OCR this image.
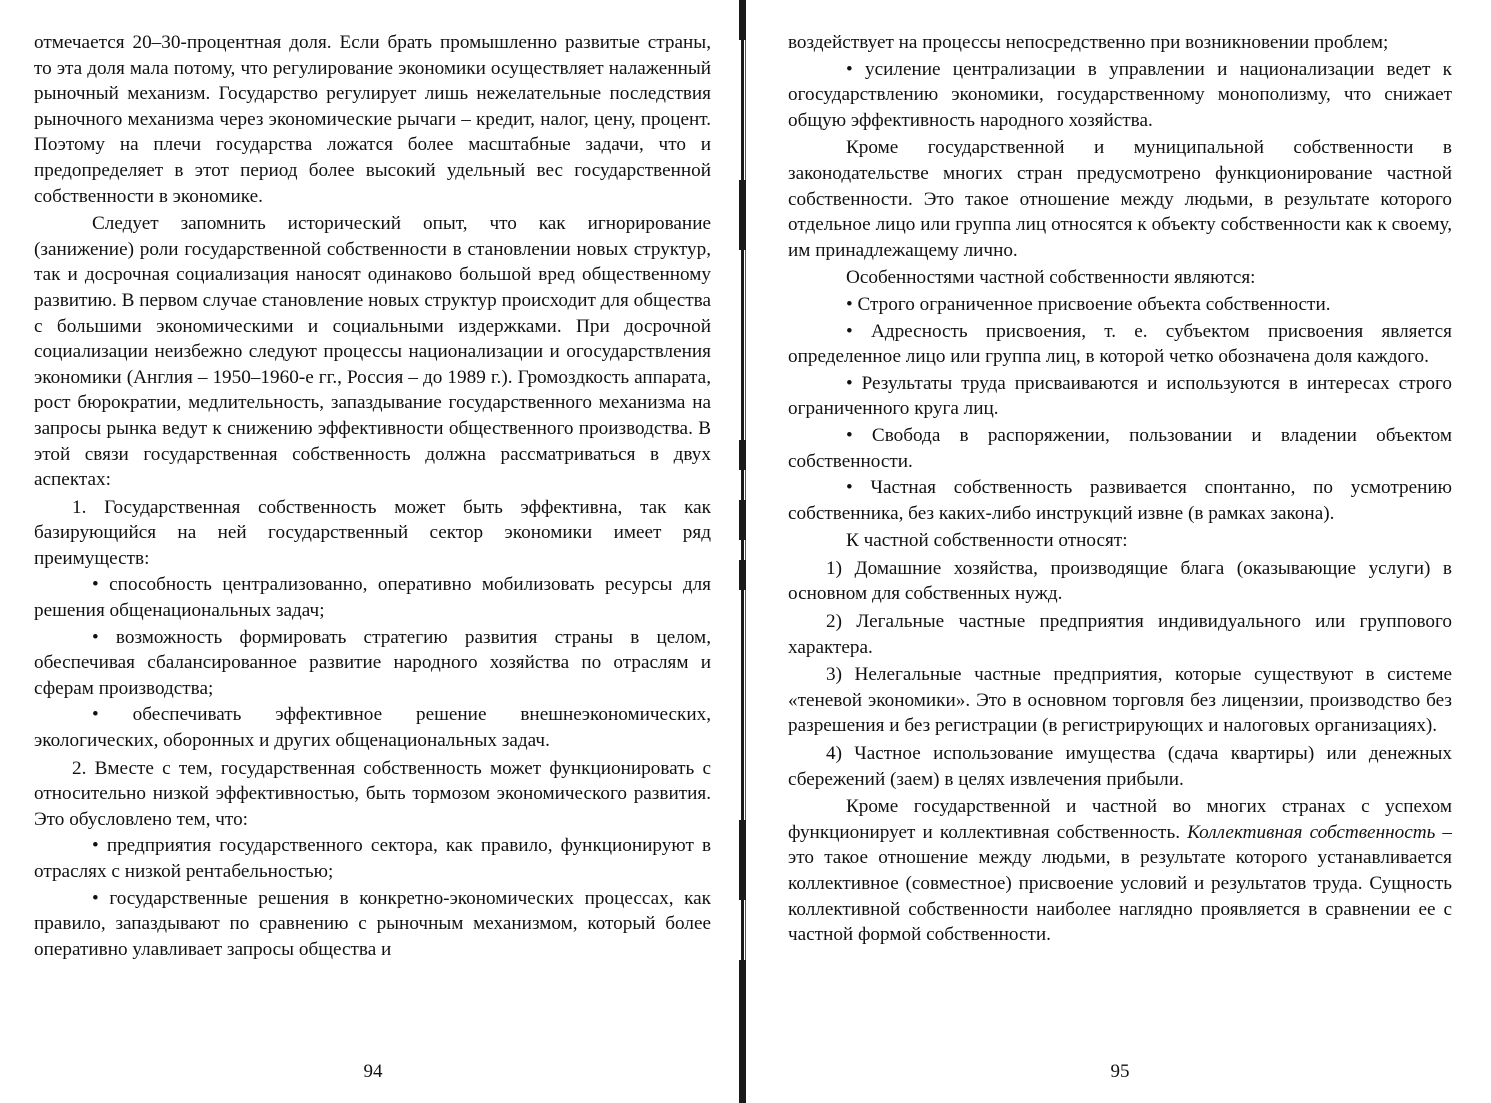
отмечается 20–30-процентная доля. Если брать промышленно развитые страны, то эта доля мала потому, что регулирование экономики осуществляет налаженный рыночный механизм. Государство регулирует лишь нежелательные последствия рыночного механизма через экономические рычаги – кредит, налог, цену, процент. Поэтому на плечи государства ложатся более масштабные задачи, что и предопределяет в этот период более высокий удельный вес государственной собственности в экономике.

Следует запомнить исторический опыт, что как игнорирование (занижение) роли государственной собственности в становлении новых структур, так и досрочная социализация наносят одинаково большой вред общественному развитию. В первом случае становление новых структур происходит для общества с большими экономическими и социальными издержками. При досрочной социализации неизбежно следуют процессы национализации и огосударствления экономики (Англия – 1950–1960-е гг., Россия – до 1989 г.). Громоздкость аппарата, рост бюрократии, медлительность, запаздывание государственного механизма на запросы рынка ведут к снижению эффективности общественного производства. В этой связи государственная собственность должна рассматриваться в двух аспектах:

1. Государственная собственность может быть эффективна, так как базирующийся на ней государственный сектор экономики имеет ряд преимуществ:

• способность централизованно, оперативно мобилизовать ресурсы для решения общенациональных задач;

• возможность формировать стратегию развития страны в целом, обеспечивая сбалансированное развитие народного хозяйства по отраслям и сферам производства;

• обеспечивать эффективное решение внешнеэкономических, экологических, оборонных и других общенациональных задач.

2. Вместе с тем, государственная собственность может функционировать с относительно низкой эффективностью, быть тормозом экономического развития. Это обусловлено тем, что:

• предприятия государственного сектора, как правило, функционируют в отраслях с низкой рентабельностью;

• государственные решения в конкретно-экономических процессах, как правило, запаздывают по сравнению с рыночным механизмом, который более оперативно улавливает запросы общества и

94

воздействует на процессы непосредственно при возникновении проблем;

• усиление централизации в управлении и национализации ведет к огосударствлению экономики, государственному монополизму, что снижает общую эффективность народного хозяйства.

Кроме государственной и муниципальной собственности в законодательстве многих стран предусмотрено функционирование частной собственности. Это такое отношение между людьми, в результате которого отдельное лицо или группа лиц относятся к объекту собственности как к своему, им принадлежащему лично.

Особенностями частной собственности являются:

• Строго ограниченное присвоение объекта собственности.

• Адресность присвоения, т. е. субъектом присвоения является определенное лицо или группа лиц, в которой четко обозначена доля каждого.

• Результаты труда присваиваются и используются в интересах строго ограниченного круга лиц.

• Свобода в распоряжении, пользовании и владении объектом собственности.

• Частная собственность развивается спонтанно, по усмотрению собственника, без каких-либо инструкций извне (в рамках закона).

К частной собственности относят:

1) Домашние хозяйства, производящие блага (оказывающие услуги) в основном для собственных нужд.

2) Легальные частные предприятия индивидуального или группового характера.

3) Нелегальные частные предприятия, которые существуют в системе «теневой экономики». Это в основном торговля без лицензии, производство без разрешения и без регистрации (в регистрирующих и налоговых организациях).

4) Частное использование имущества (сдача квартиры) или денежных сбережений (заем) в целях извлечения прибыли.

Кроме государственной и частной во многих странах с успехом функционирует и коллективная собственность. Коллективная собственность – это такое отношение между людьми, в результате которого устанавливается коллективное (совместное) присвоение условий и результатов труда. Сущность коллективной собственности наиболее наглядно проявляется в сравнении ее с частной формой собственности.

95
